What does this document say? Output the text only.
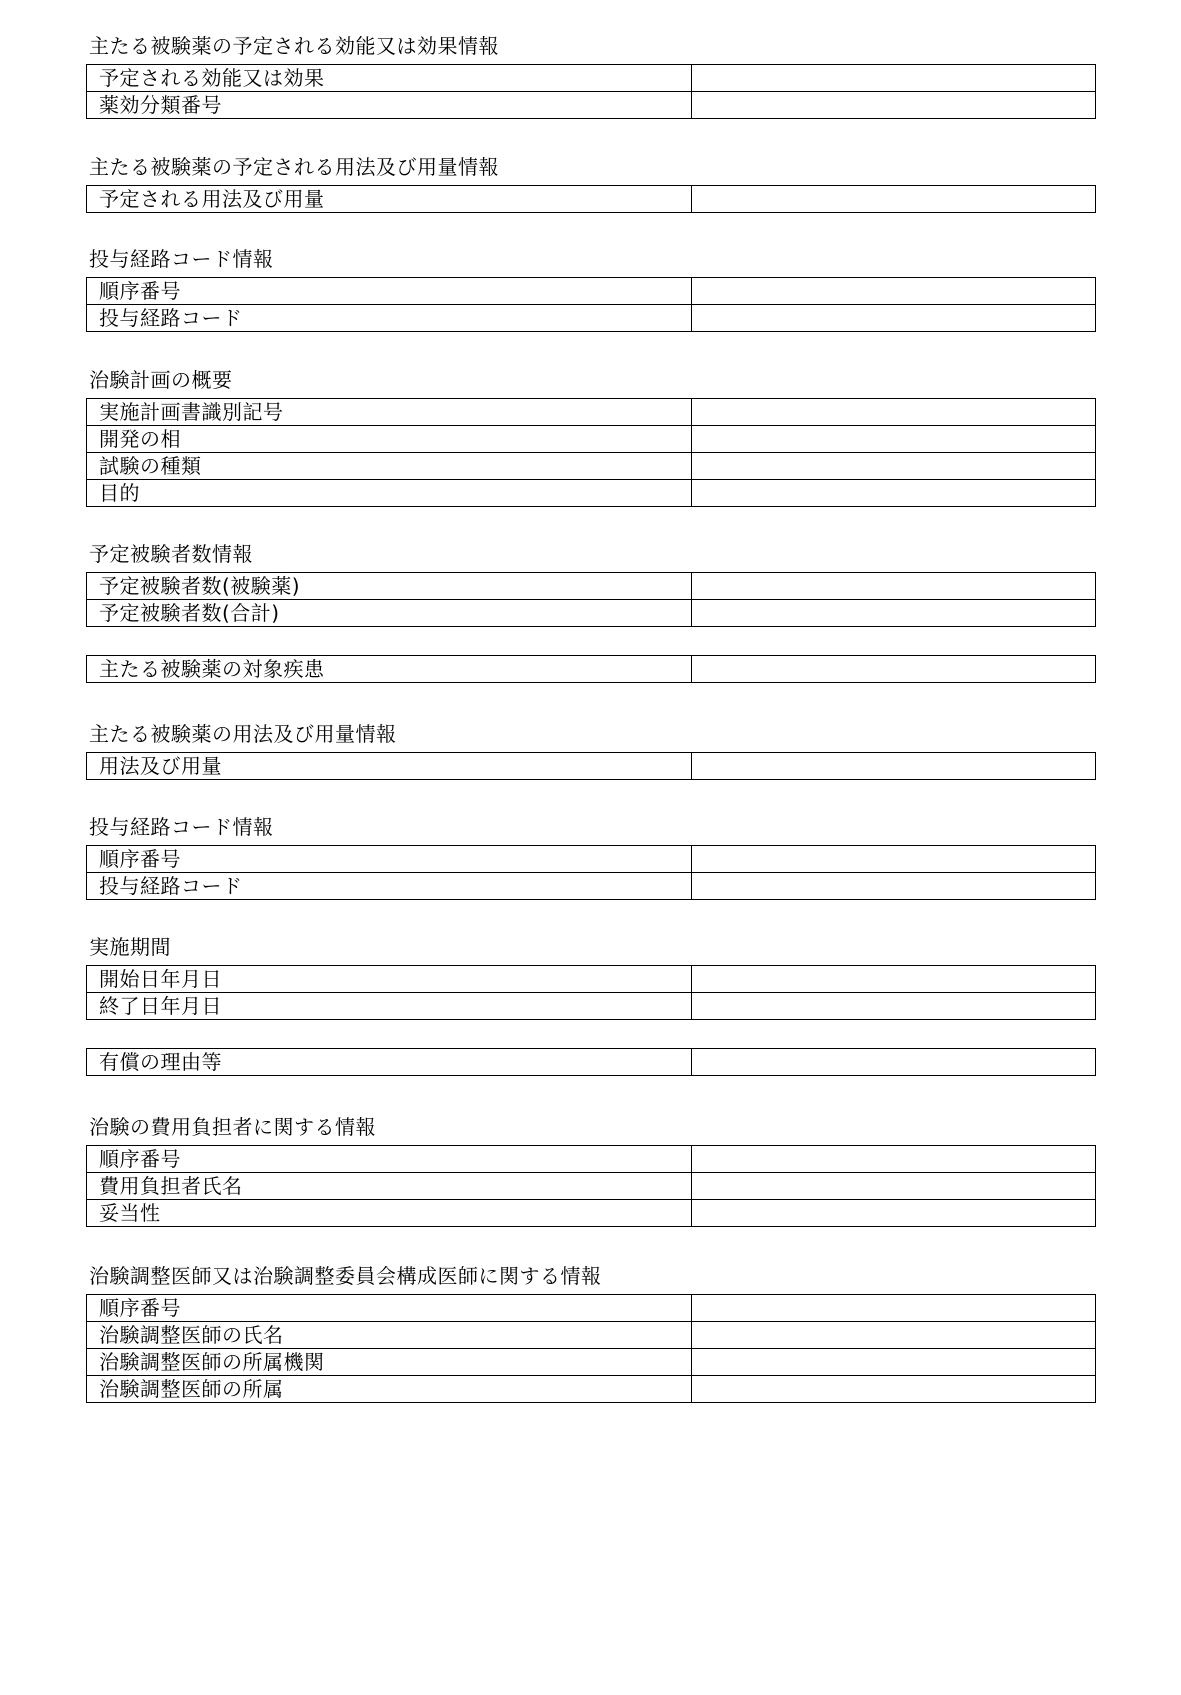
主たる被験薬の予定される効能又は効果情報
予定される効能又は効果	
薬効分類番号	
主たる被験薬の予定される用法及び用量情報
予定される用法及び用量	
投与経路コード情報
順序番号	
投与経路コード	
治験計画の概要
実施計画書識別記号	
開発の相	
試験の種類	
目的	
予定被験者数情報
予定被験者数(被験薬)	
予定被験者数(合計)	
主たる被験薬の対象疾患	
主たる被験薬の用法及び用量情報
用法及び用量	
投与経路コード情報
順序番号	
投与経路コード	
実施期間
開始日年月日	
終了日年月日	
有償の理由等	
治験の費用負担者に関する情報
順序番号	
費用負担者氏名	
妥当性	
治験調整医師又は治験調整委員会構成医師に関する情報
順序番号	
治験調整医師の氏名	
治験調整医師の所属機関	
治験調整医師の所属	
